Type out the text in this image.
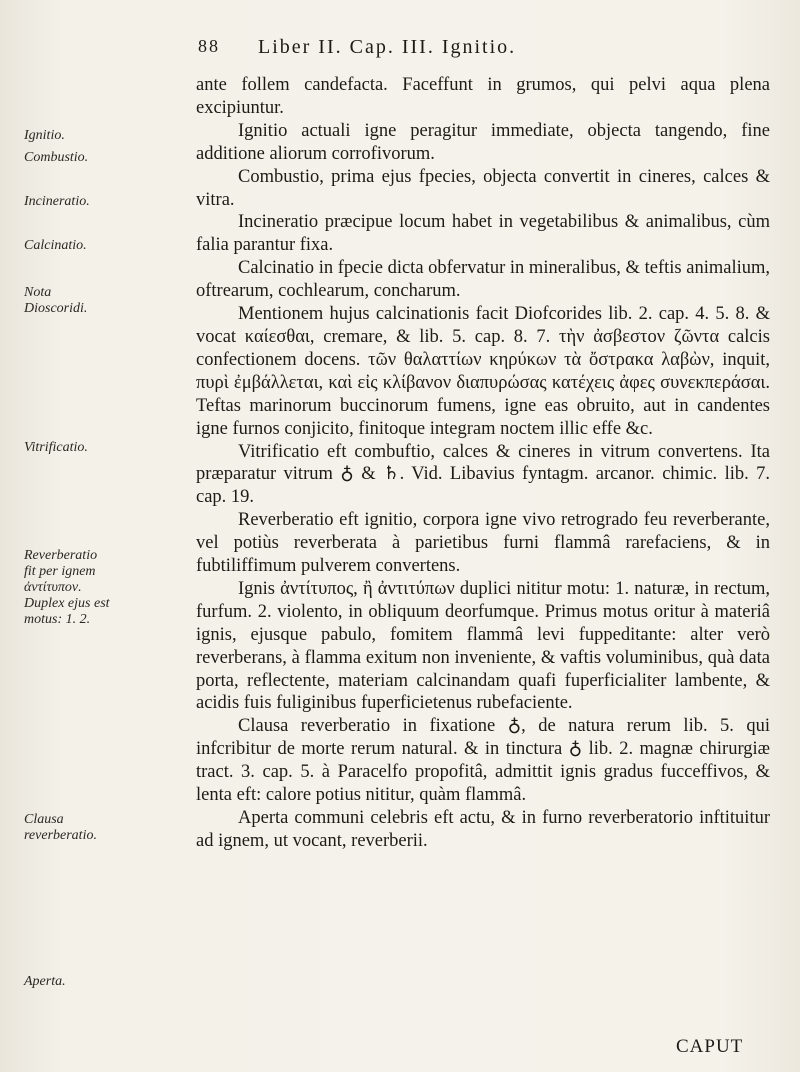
88 Liber II. Cap. III. Ignitio.
Ignitio.
Combustio.
Incineratio.
Calcinatio.
Nota Dioscoridi.
Vitrificatio.
Reverberatio fit per ignem ἀντίτυπον. Duplex ejus est motus: 1. 2.
Clausa reverberatio.
Aperta.

ante follem candefacta. Faceffunt in grumos, qui pelvi aqua plena excipiuntur.

Ignitio actuali igne peragitur immediate, objecta tangendo, fine additione aliorum corrofivorum.

Combustio, prima ejus fpecies, objecta convertit in cineres, calces & vitra.

Incineratio præcipue locum habet in vegetabilibus & animalibus, cùm falia parantur fixa.

Calcinatio in fpecie dicta obfervatur in mineralibus, & teftis animalium, oftrearum, cochlearum, concharum.

Mentionem hujus calcinationis facit Diofcorides lib. 2. cap. 4. 5. 8. & vocat καίεσθαι, cremare, & lib. 5. cap. 8. 7. τὴν ἀσβεστον ζῶντα calcis confectionem docens. τῶν θαλαττίων κηρύκων τὰ ὄστρακα λαβὼν, inquit, πυρὶ ἐμβάλλεται, καὶ εἰς κλίβανον διαπυρώσας κατέχεις ἀφες συνεκπεράσαι. Teftas marinorum buccinorum fumens, igne eas obruito, aut in candentes igne furnos conjicito, finitoque integram noctem illic effe &c.

Vitrificatio eft combuftio, calces & cineres in vitrum convertens. Ita præparatur vitrum ♁ & ♄. Vid. Libavius fyntagm. arcanor. chimic. lib. 7. cap. 19.

Reverberatio eft ignitio, corpora igne vivo retrogrado feu reverberante, vel potiùs reverberata à parietibus furni flammâ rarefaciens, & in fubtiliffimum pulverem convertens.

Ignis ἀντίτυπος, ἢ ἀντιτύπων duplici nititur motu: 1. naturæ, in rectum, furfum. 2. violento, in obliquum deorfumque. Primus motus oritur à materiâ ignis, ejusque pabulo, fomitem flammâ levi fuppeditante: alter verò reverberans, à flamma exitum non inveniente, & vaftis voluminibus, quà data porta, reflectente, materiam calcinandam quafi fuperficialiter lambente, & acidis fuis fuliginibus fuperficietenus rubefaciente.

Clausa reverberatio in fixatione ♁, de natura rerum lib. 5. qui infcribitur de morte rerum natural. & in tinctura ♁ lib. 2. magnæ chirurgiæ tract. 3. cap. 5. à Paracelfo propofitâ, admittit ignis gradus fucceffivos, & lenta eft: calore potius nititur, quàm flammâ.

Aperta communi celebris eft actu, & in furno reverberatorio inftituitur ad ignem, ut vocant, reverberii.

CAPUT
